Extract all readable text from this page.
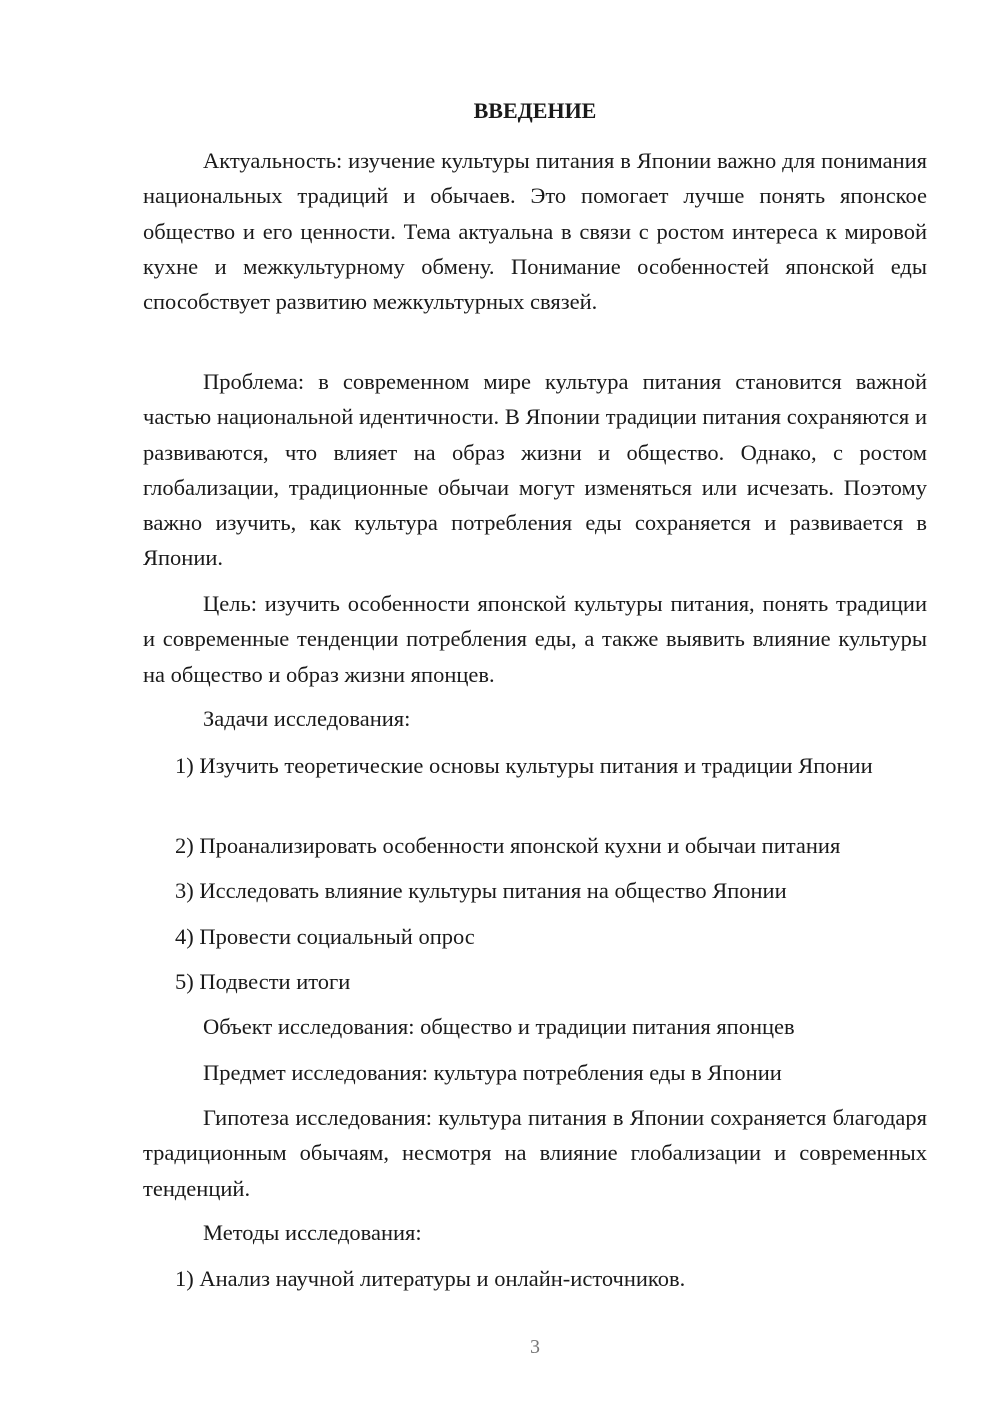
ВВЕДЕНИЕ

Актуальность: изучение культуры питания в Японии важно для понимания национальных традиций и обычаев. Это помогает лучше понять японское общество и его ценности. Тема актуальна в связи с ростом интереса к мировой кухне и межкультурному обмену. Понимание особенностей японской еды способствует развитию межкультурных связей.

Проблема: в современном мире культура питания становится важной частью национальной идентичности. В Японии традиции питания сохраняются и развиваются, что влияет на образ жизни и общество. Однако, с ростом глобализации, традиционные обычаи могут изменяться или исчезать. Поэтому важно изучить, как культура потребления еды сохраняется и развивается в Японии.

Цель: изучить особенности японской культуры питания, понять традиции и современные тенденции потребления еды, а также выявить влияние культуры на общество и образ жизни японцев.

Задачи исследования:

1) Изучить теоретические основы культуры питания и традиции Японии

2) Проанализировать особенности японской кухни и обычаи питания
3) Исследовать влияние культуры питания на общество Японии
4) Провести социальный опрос
5) Подвести итоги
Объект исследования: общество и традиции питания японцев
Предмет исследования: культура потребления еды в Японии

Гипотеза исследования: культура питания в Японии сохраняется благодаря традиционным обычаям, несмотря на влияние глобализации и современных тенденций.

Методы исследования:
1) Анализ научной литературы и онлайн-источников.
3
